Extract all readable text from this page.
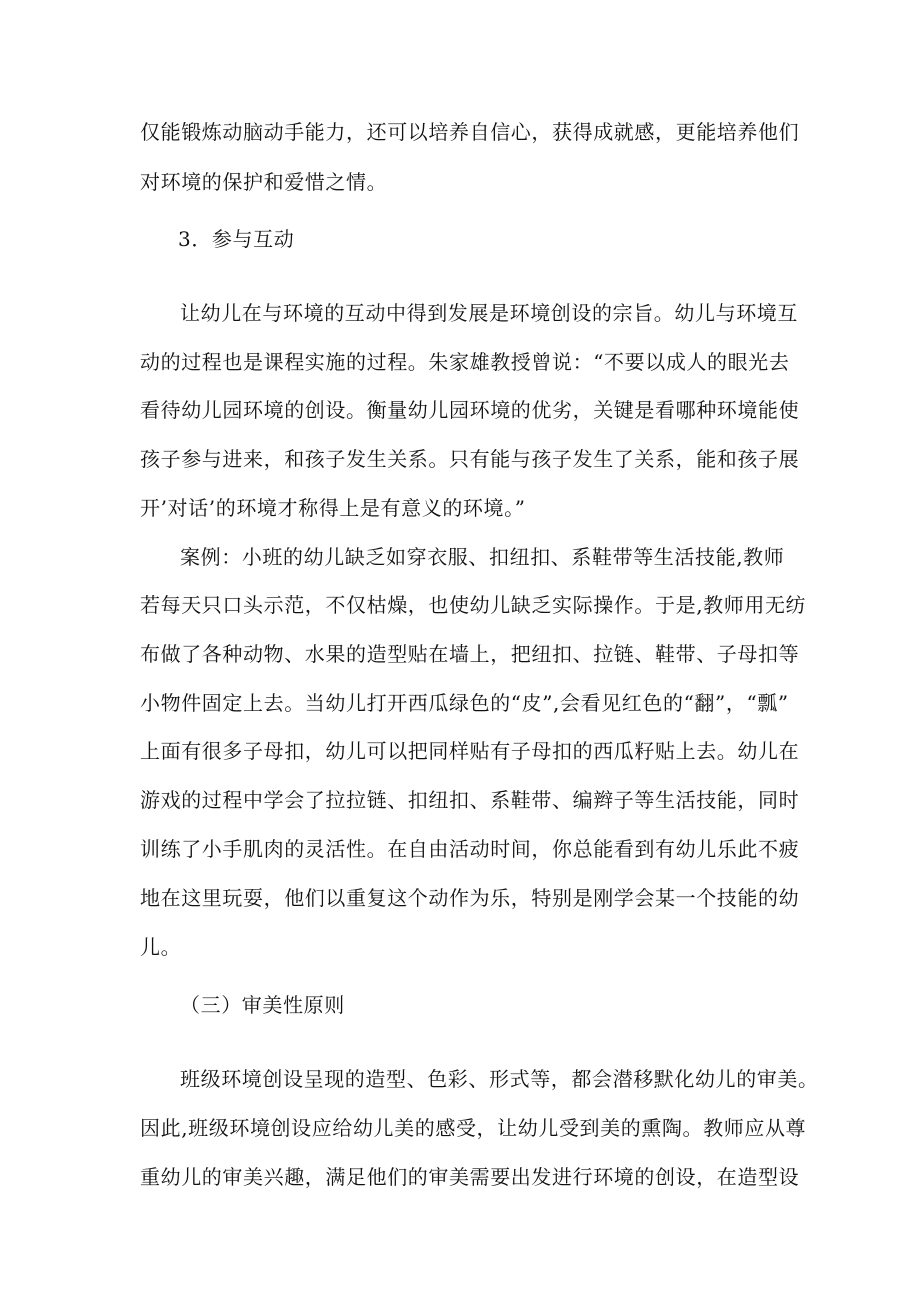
仅能锻炼动脑动手能力，还可以培养自信心，获得成就感，更能培养他们
对环境的保护和爱惜之情。
3．参与互动
让幼儿在与环境的互动中得到发展是环境创设的宗旨。幼儿与环境互
动的过程也是课程实施的过程。朱家雄教授曾说：“不要以成人的眼光去
看待幼儿园环境的创设。衡量幼儿园环境的优劣，关键是看哪种环境能使
孩子参与进来，和孩子发生关系。只有能与孩子发生了关系，能和孩子展
开’对话’的环境才称得上是有意义的环境。”
案例：小班的幼儿缺乏如穿衣服、扣纽扣、系鞋带等生活技能,教师
若每天只口头示范，不仅枯燥，也使幼儿缺乏实际操作。于是,教师用无纺
布做了各种动物、水果的造型贴在墙上，把纽扣、拉链、鞋带、子母扣等
小物件固定上去。当幼儿打开西瓜绿色的“皮”,会看见红色的“翻”，“瓢”
上面有很多子母扣，幼儿可以把同样贴有子母扣的西瓜籽贴上去。幼儿在
游戏的过程中学会了拉拉链、扣纽扣、系鞋带、编辫子等生活技能，同时
训练了小手肌肉的灵活性。在自由活动时间，你总能看到有幼儿乐此不疲
地在这里玩耍，他们以重复这个动作为乐，特别是刚学会某一个技能的幼
儿。
（三）审美性原则
班级环境创设呈现的造型、色彩、形式等，都会潜移默化幼儿的审美。
因此,班级环境创设应给幼儿美的感受，让幼儿受到美的熏陶。教师应从尊
重幼儿的审美兴趣，满足他们的审美需要出发进行环境的创设，在造型设
